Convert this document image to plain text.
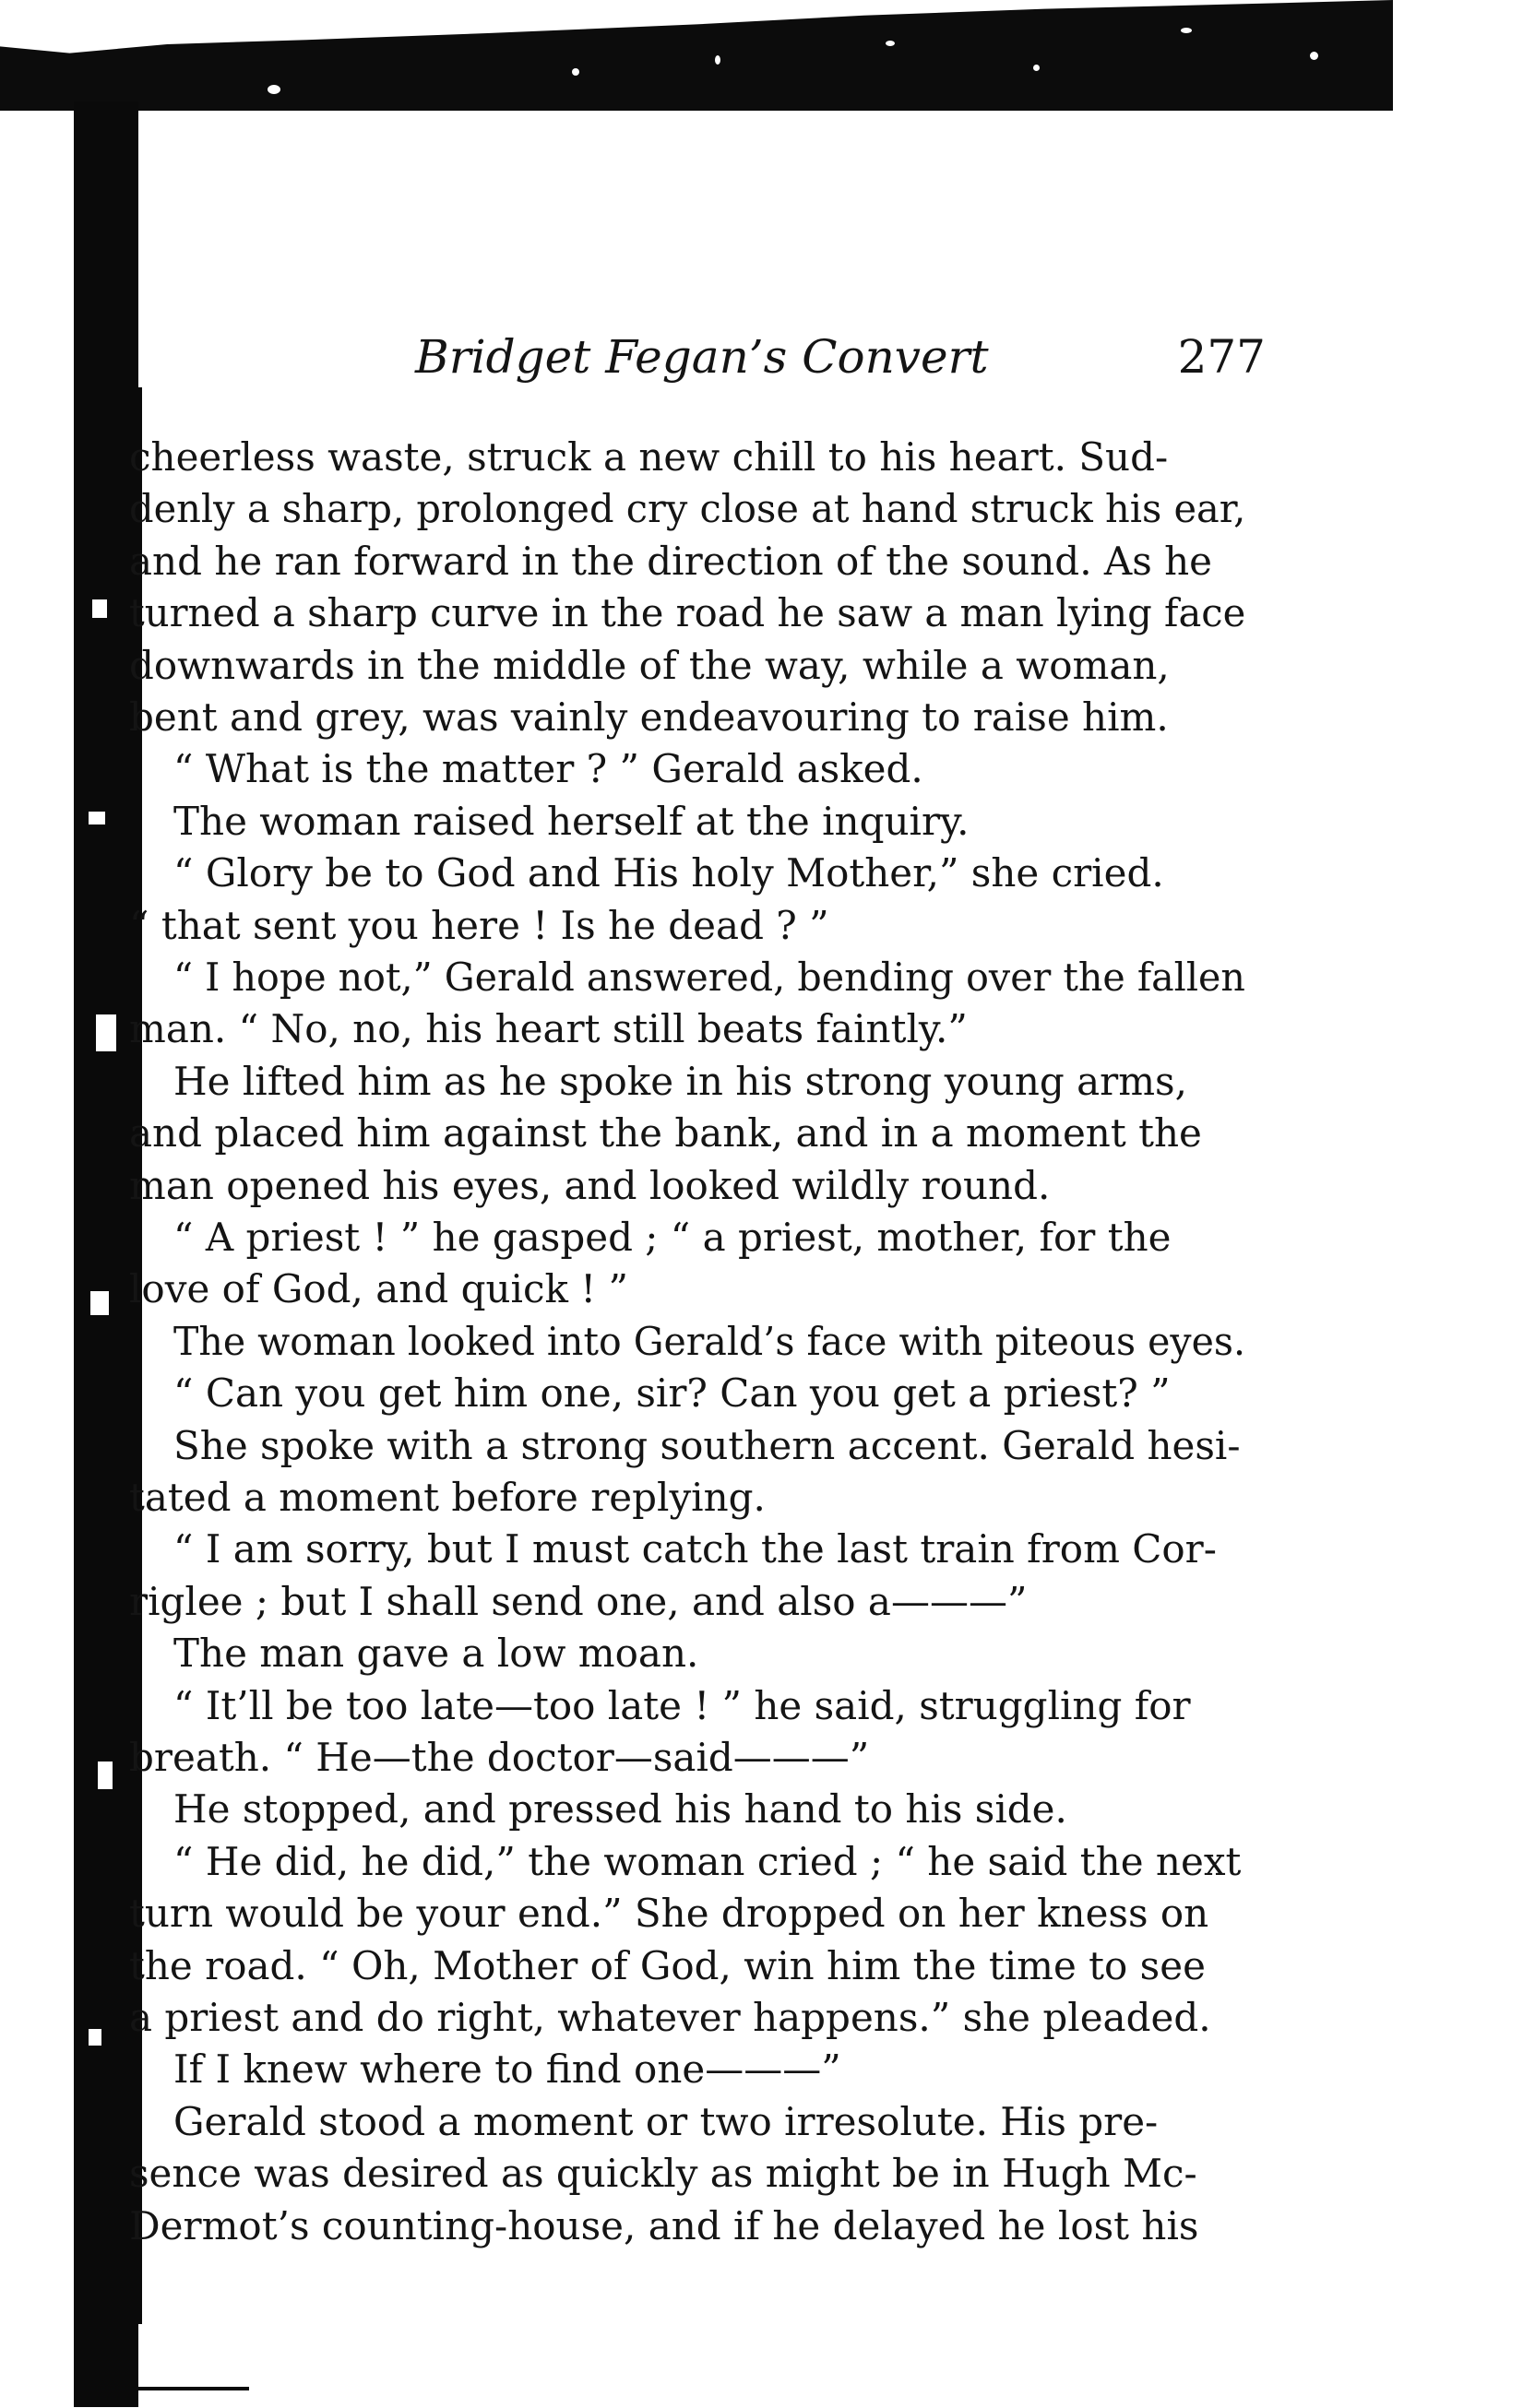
Bridget Fegan’s Convert	277
cheerless waste, struck a new chill to his heart. Sud-
denly a sharp, prolonged cry close at hand struck his ear,
and he ran forward in the direction of the sound. As he
turned a sharp curve in the road he saw a man lying face
downwards in the middle of the way, while a woman,
bent and grey, was vainly endeavouring to raise him.
“ What is the matter ? ” Gerald asked.
The woman raised herself at the inquiry.
“ Glory be to God and His holy Mother,” she cried.
“ that sent you here ! Is he dead ? ”
“ I hope not,” Gerald answered, bending over the fallen
man. “ No, no, his heart still beats faintly.”
He lifted him as he spoke in his strong young arms,
and placed him against the bank, and in a moment the
man opened his eyes, and looked wildly round.
“ A priest ! ” he gasped ; “ a priest, mother, for the
love of God, and quick ! ”
The woman looked into Gerald’s face with piteous eyes.
“ Can you get him one, sir? Can you get a priest? ”
She spoke with a strong southern accent. Gerald hesi-
tated a moment before replying.
“ I am sorry, but I must catch the last train from Cor-
riglee ; but I shall send one, and also a———”
The man gave a low moan.
“ It’ll be too late—too late ! ” he said, struggling for
breath. “ He—the doctor—said———”
He stopped, and pressed his hand to his side.
“ He did, he did,” the woman cried ; “ he said the next
turn would be your end.” She dropped on her kness on
the road. “ Oh, Mother of God, win him the time to see
a priest and do right, whatever happens.” she pleaded.
If I knew where to find one———”
Gerald stood a moment or two irresolute. His pre-
sence was desired as quickly as might be in Hugh Mc-
Dermot’s counting-house, and if he delayed he lost his
